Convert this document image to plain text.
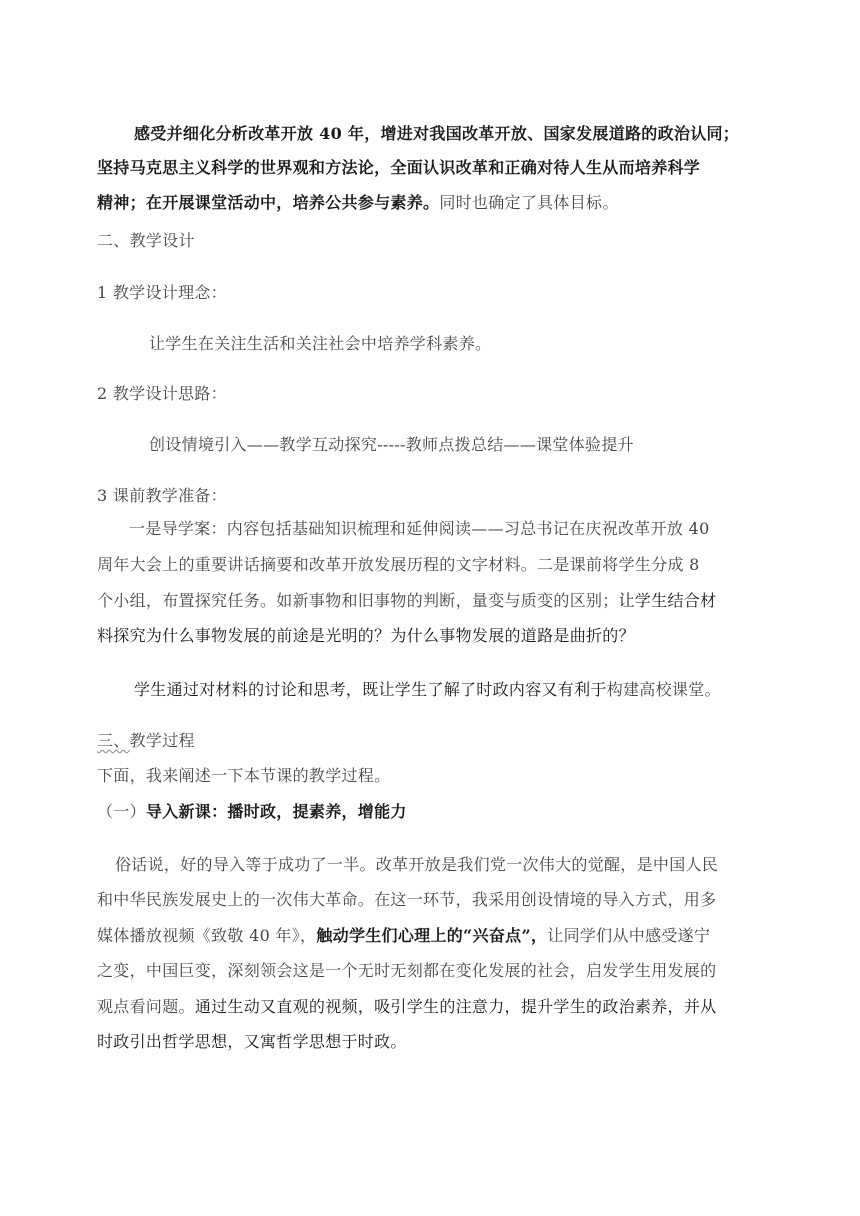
感受并细化分析改革开放 40 年，增进对我国改革开放、国家发展道路的政治认同；
坚持马克思主义科学的世界观和方法论，全面认识改革和正确对待人生从而培养科学
精神；在开展课堂活动中，培养公共参与素养。同时也确定了具体目标。
二、教学设计
1 教学设计理念：
让学生在关注生活和关注社会中培养学科素养。
2 教学设计思路：
创设情境引入——教学互动探究-----教师点拨总结——课堂体验提升
3 课前教学准备：
一是导学案：内容包括基础知识梳理和延伸阅读——习总书记在庆祝改革开放 40
周年大会上的重要讲话摘要和改革开放发展历程的文字材料。二是课前将学生分成 8
个小组，布置探究任务。如新事物和旧事物的判断，量变与质变的区别；让学生结合材
料探究为什么事物发展的前途是光明的？为什么事物发展的道路是曲折的？
学生通过对材料的讨论和思考，既让学生了解了时政内容又有利于构建高校课堂。
三、教学过程
下面，我来阐述一下本节课的教学过程。
（一）导入新课：播时政，提素养，增能力
俗话说，好的导入等于成功了一半。改革开放是我们党一次伟大的觉醒，是中国人民
和中华民族发展史上的一次伟大革命。在这一环节，我采用创设情境的导入方式，用多
媒体播放视频《致敬 40 年》，触动学生们心理上的“兴奋点”，让同学们从中感受遂宁
之变，中国巨变，深刻领会这是一个无时无刻都在变化发展的社会，启发学生用发展的
观点看问题。通过生动又直观的视频，吸引学生的注意力，提升学生的政治素养，并从
时政引出哲学思想，又寓哲学思想于时政。
